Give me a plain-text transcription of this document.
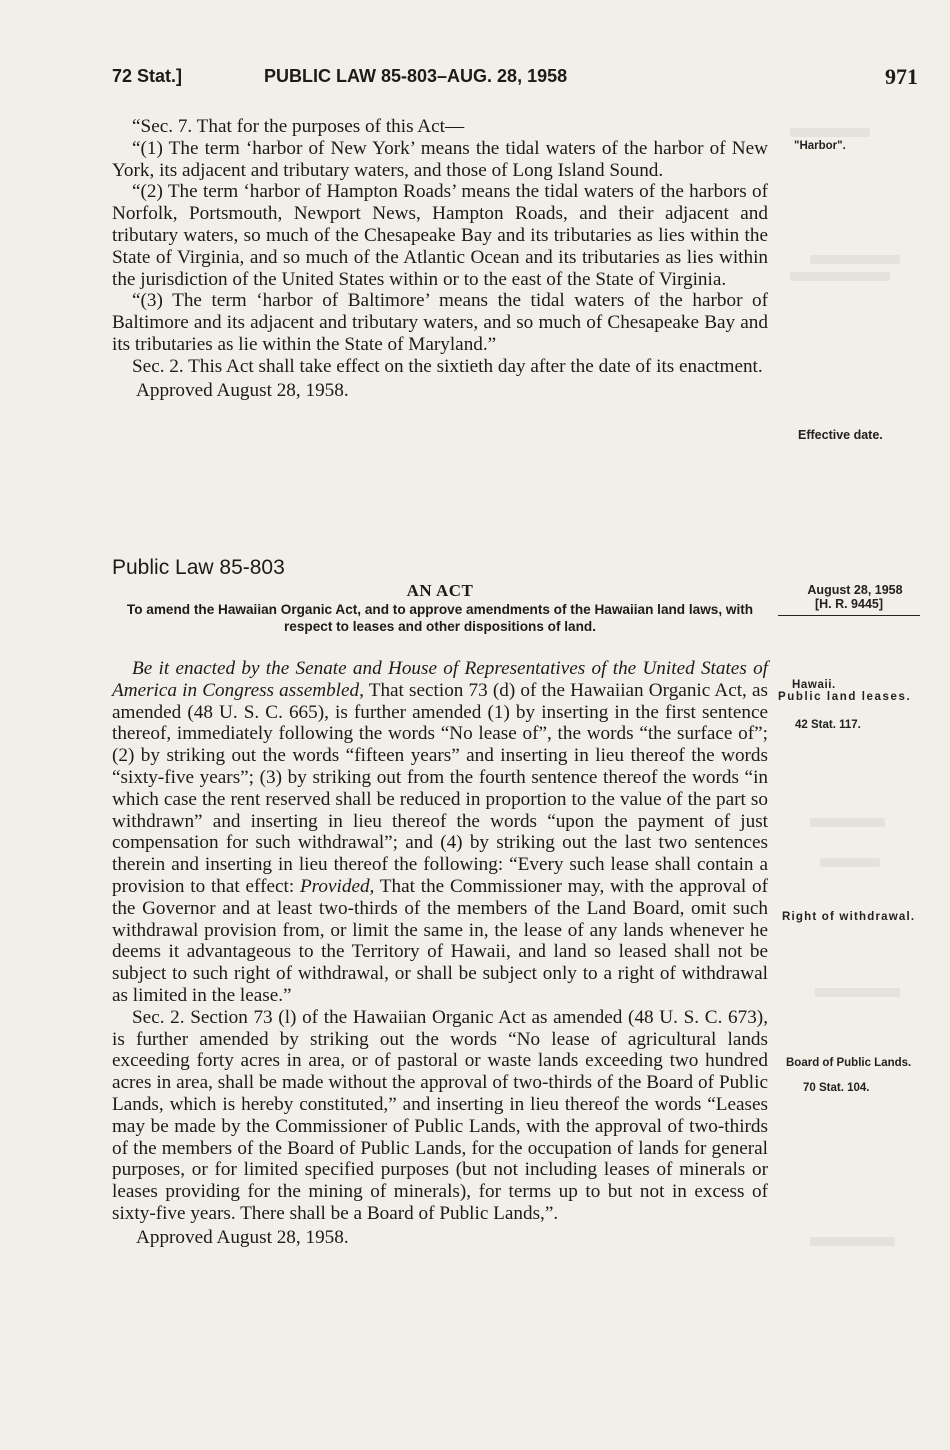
72 Stat.]	PUBLIC LAW 85-803–AUG. 28, 1958	971

“Sec. 7. That for the purposes of this Act—

“(1) The term ‘harbor of New York’ means the tidal waters of the harbor of New York, its adjacent and tributary waters, and those of Long Island Sound.

“(2) The term ‘harbor of Hampton Roads’ means the tidal waters of the harbors of Norfolk, Portsmouth, Newport News, Hampton Roads, and their adjacent and tributary waters, so much of the Chesapeake Bay and its tributaries as lies within the State of Virginia, and so much of the Atlantic Ocean and its tributaries as lies within the jurisdiction of the United States within or to the east of the State of Virginia.

“(3) The term ‘harbor of Baltimore’ means the tidal waters of the harbor of Baltimore and its adjacent and tributary waters, and so much of Chesapeake Bay and its tributaries as lie within the State of Maryland.”

Sec. 2. This Act shall take effect on the sixtieth day after the date of its enactment.

Approved August 28, 1958.

Public Law 85-803
AN ACT
To amend the Hawaiian Organic Act, and to approve amendments of the Hawaiian land laws, with respect to leases and other dispositions of land.

Be it enacted by the Senate and House of Representatives of the United States of America in Congress assembled, That section 73 (d) of the Hawaiian Organic Act, as amended (48 U. S. C. 665), is further amended (1) by inserting in the first sentence thereof, immediately following the words “No lease of”, the words “the surface of”; (2) by striking out the words “fifteen years” and inserting in lieu thereof the words “sixty-five years”; (3) by striking out from the fourth sentence thereof the words “in which case the rent reserved shall be reduced in proportion to the value of the part so withdrawn” and inserting in lieu thereof the words “upon the payment of just compensation for such withdrawal”; and (4) by striking out the last two sentences therein and inserting in lieu thereof the following: “Every such lease shall contain a provision to that effect: Provided, That the Commissioner may, with the approval of the Governor and at least two-thirds of the members of the Land Board, omit such withdrawal provision from, or limit the same in, the lease of any lands whenever he deems it advantageous to the Territory of Hawaii, and land so leased shall not be subject to such right of withdrawal, or shall be subject only to a right of withdrawal as limited in the lease.”

Sec. 2. Section 73 (l) of the Hawaiian Organic Act as amended (48 U. S. C. 673), is further amended by striking out the words “No lease of agricultural lands exceeding forty acres in area, or of pastoral or waste lands exceeding two hundred acres in area, shall be made without the approval of two-thirds of the Board of Public Lands, which is hereby constituted,” and inserting in lieu thereof the words “Leases may be made by the Commissioner of Public Lands, with the approval of two-thirds of the members of the Board of Public Lands, for the occupation of lands for general purposes, or for limited specified purposes (but not including leases of minerals or leases providing for the mining of minerals), for terms up to but not in excess of sixty-five years. There shall be a Board of Public Lands,”.

Approved August 28, 1958.

"Harbor".
Effective date.
August 28, 1958
[H. R. 9445]
Hawaii.
Public land leases.
42 Stat. 117.
Right of withdrawal.
Board of Public Lands.
70 Stat. 104.
